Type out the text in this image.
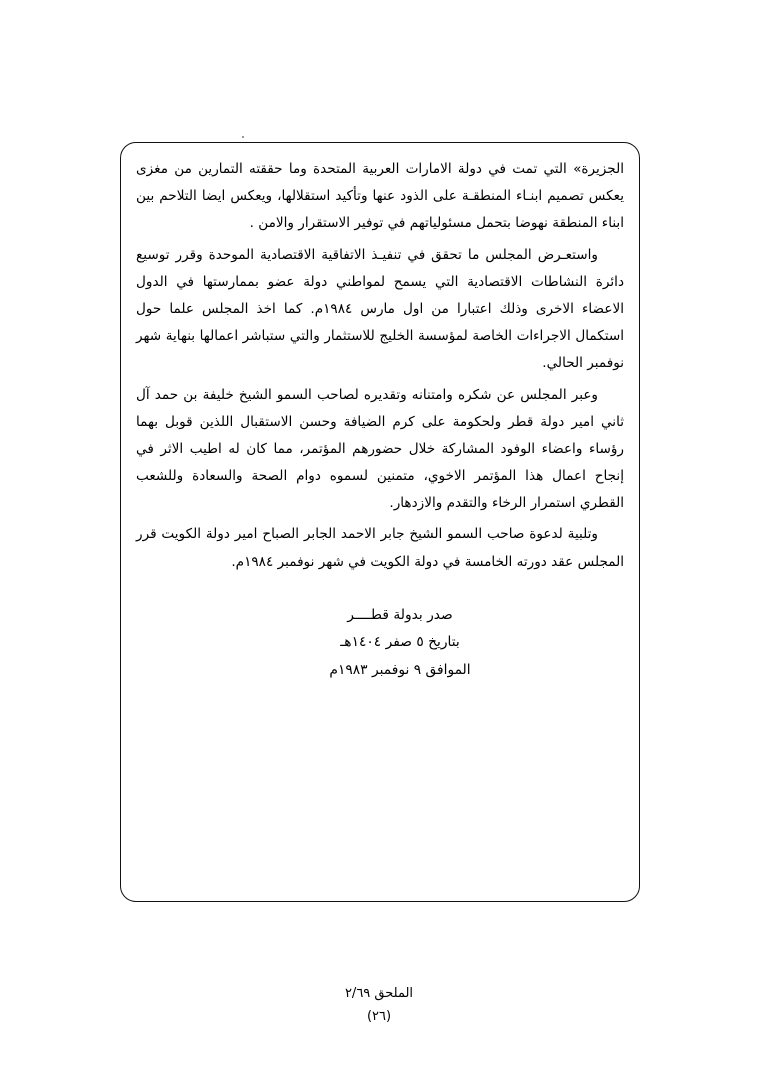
الجزيرة» التي تمت في دولة الامارات العربية المتحدة وما حققته التمارين من مغزى يعكس تصميم ابنـاء المنطقـة على الذود عنها وتأكيد استقلالها، ويعكس ايضا التلاحم بين ابناء المنطقة نهوضا بتحمل مسئولياتهم في توفير الاستقرار والامن .

واستعـرض المجلس ما تحقق في تنفيـذ الاتفاقية الاقتصادية الموحدة وقرر توسيع دائرة النشاطات الاقتصادية التي يسمح لمواطني دولة عضو بممارستها في الدول الاعضاء الاخرى وذلك اعتبارا من اول مارس ١٩٨٤م. كما اخذ المجلس علما حول استكمال الاجراءات الخاصة لمؤسسة الخليج للاستثمار والتي ستباشر اعمالها بنهاية شهر نوفمبر الحالي.

وعبر المجلس عن شكره وامتنانه وتقديره لصاحب السمو الشيخ خليفة بن حمد آل ثاني امير دولة قطر ولحكومة على كرم الضيافة وحسن الاستقبال اللذين قوبل بهما رؤساء واعضاء الوفود المشاركة خلال حضورهم المؤتمر، مما كان له اطيب الاثر في إنجاح اعمال هذا المؤتمر الاخوي، متمنين لسموه دوام الصحة والسعادة وللشعب القطري استمرار الرخاء والتقدم والازدهار.

وتلبية لدعوة صاحب السمو الشيخ جابر الاحمد الجابر الصباح امير دولة الكويت قرر المجلس عقد دورته الخامسة في دولة الكويت في شهر نوفمبر ١٩٨٤م.

صدر بدولة قطــــر
بتاريخ ٥ صفر ١٤٠٤هـ
الموافق ٩ نوفمبر ١٩٨٣م
الملحق ٢/٦٩
(٢٦)
